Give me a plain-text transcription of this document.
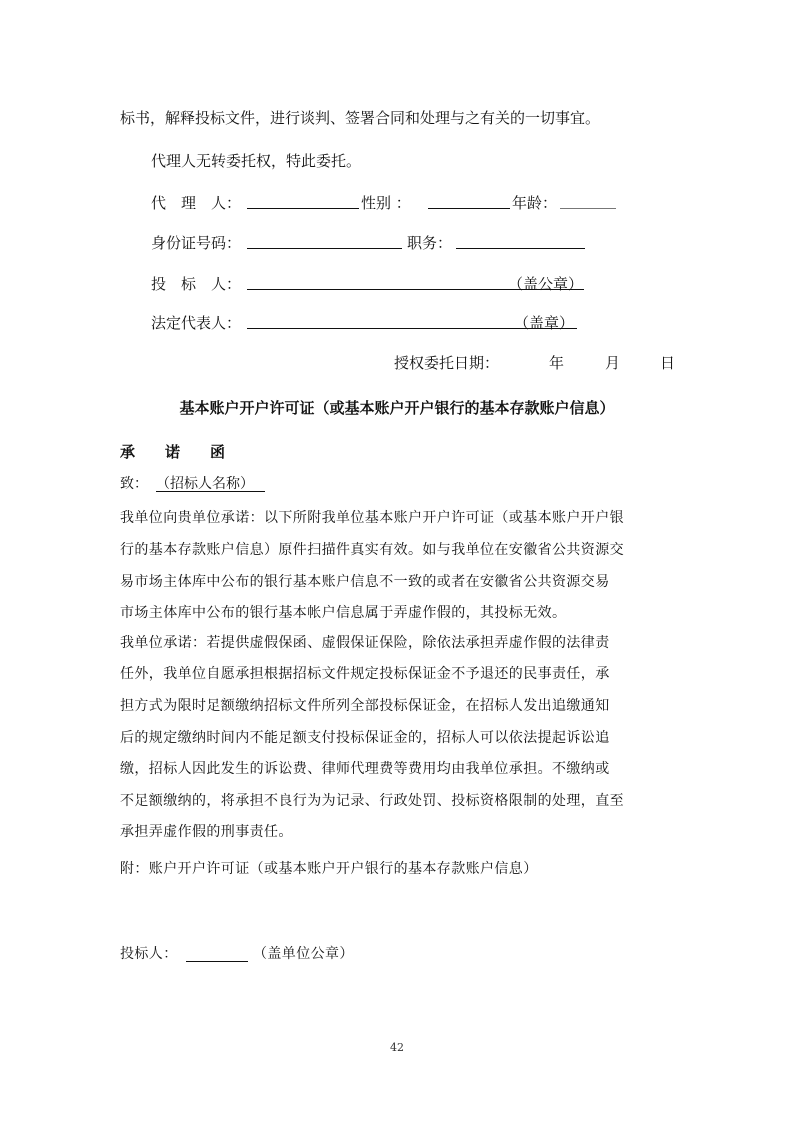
标书，解释投标文件，进行谈判、签署合同和处理与之有关的一切事宜。
代理人无转委托权，特此委托。
代　理　人：	性别 ：	年龄：
身份证号码：	职务：
投　标　人：	（盖公章）
法定代表人：	（盖章）
授权委托日期：	年	月	日
基本账户开户许可证（或基本账户开户银行的基本存款账户信息）
承　　诺　　函
致： （招标人名称）
我单位向贵单位承诺：以下所附我单位基本账户开户许可证（或基本账户开户银
行的基本存款账户信息）原件扫描件真实有效。如与我单位在安徽省公共资源交
易市场主体库中公布的银行基本账户信息不一致的或者在安徽省公共资源交易
市场主体库中公布的银行基本帐户信息属于弄虚作假的，其投标无效。
我单位承诺：若提供虚假保函、虚假保证保险，除依法承担弄虚作假的法律责
任外，我单位自愿承担根据招标文件规定投标保证金不予退还的民事责任，承
担方式为限时足额缴纳招标文件所列全部投标保证金，在招标人发出追缴通知
后的规定缴纳时间内不能足额支付投标保证金的，招标人可以依法提起诉讼追
缴，招标人因此发生的诉讼费、律师代理费等费用均由我单位承担。不缴纳或
不足额缴纳的，将承担不良行为为记录、行政处罚、投标资格限制的处理，直至
承担弄虚作假的刑事责任。
附：账户开户许可证（或基本账户开户银行的基本存款账户信息）
投标人：	（盖单位公章）
42
